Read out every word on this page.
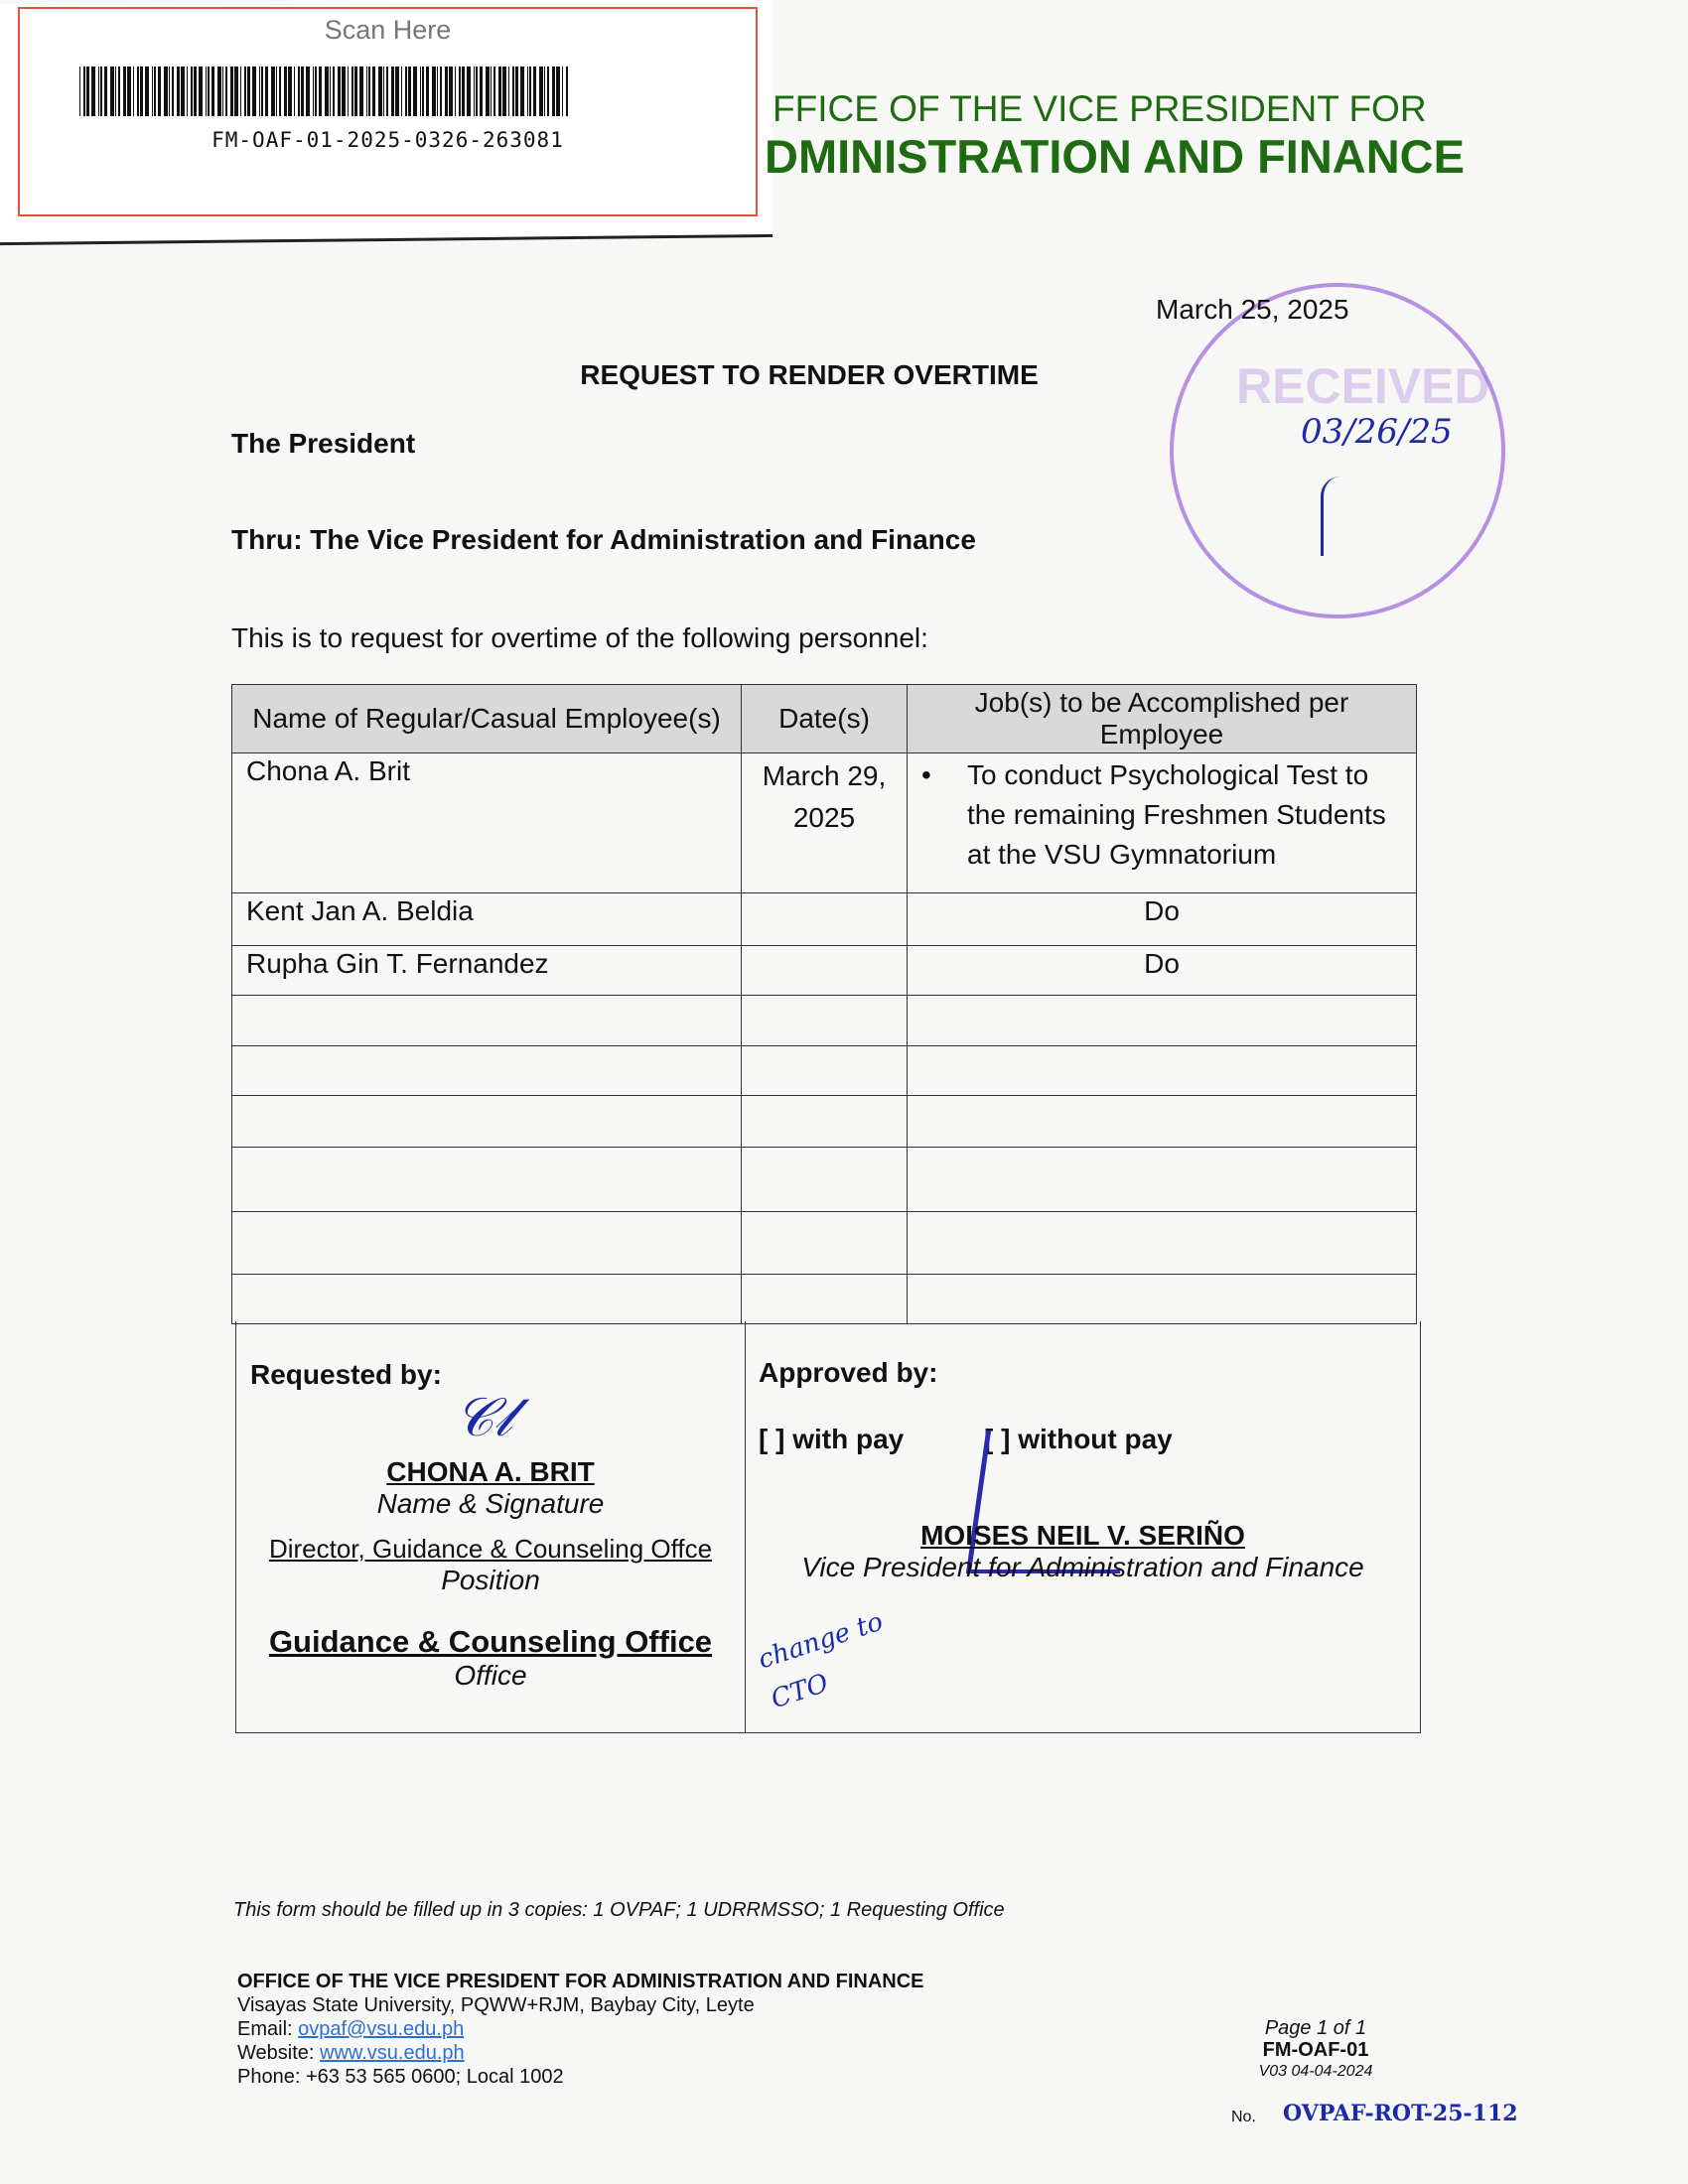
Scan Here
FM-OAF-01-2025-0326-263081
FFICE OF THE VICE PRESIDENT FOR
DMINISTRATION AND FINANCE
RECEIVED
03/26/25
March 25, 2025
REQUEST TO RENDER OVERTIME
The President
Thru: The Vice President for Administration and Finance
This is to request for overtime of the following personnel:
Name of Regular/Casual Employee(s)	Date(s)	Job(s) to be Accomplished per Employee
Chona A. Brit	March 29, 2025	• To conduct Psychological Test to the remaining Freshmen Students at the VSU Gymnatorium
Kent Jan A. Beldia		Do
Rupha Gin T. Fernandez		Do

Requested by:
𝒞𝓁
CHONA A. BRIT
Name & Signature
Director, Guidance & Counseling Offce
Position
Guidance & Counseling Office
Office
Approved by:
[ ] with pay	[ ] without pay
MOISES NEIL V. SERIÑO
Vice President for Administration and Finance
change to CTO
This form should be filled up in 3 copies: 1 OVPAF; 1 UDRRMSSO; 1 Requesting Office
OFFICE OF THE VICE PRESIDENT FOR ADMINISTRATION AND FINANCE
Visayas State University, PQWW+RJM, Baybay City, Leyte
Email: ovpaf@vsu.edu.ph
Website: www.vsu.edu.ph
Phone: +63 53 565 0600; Local 1002
Page 1 of 1
FM-OAF-01
V03 04-04-2024
No. OVPAF-ROT-25-112
